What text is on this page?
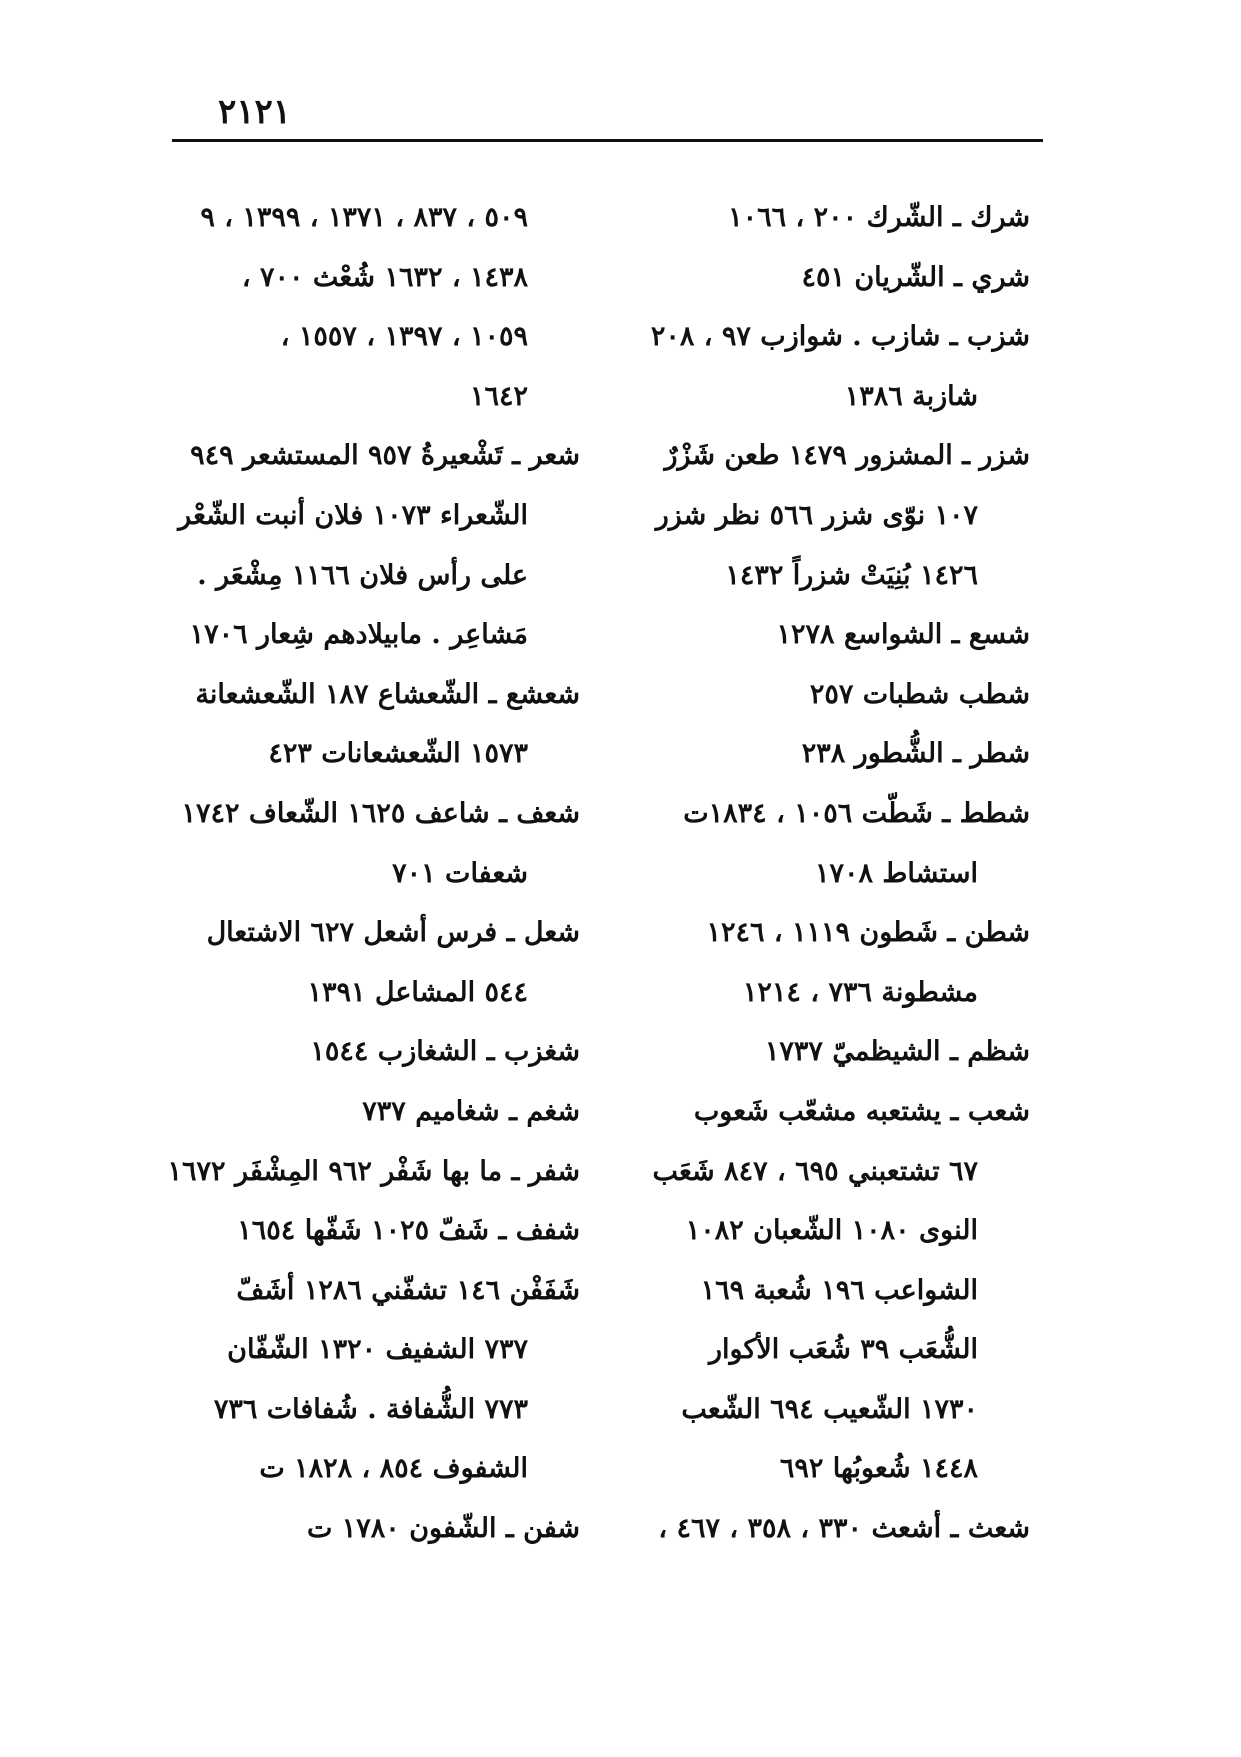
٢١٢١
شرك ـ الشّرك ٢٠٠ ، ١٠٦٦
شري ـ الشّريان ٤٥١
شزب ـ شازب . شوازب ٩٧ ، ٢٠٨
شازبة ١٣٨٦
شزر ـ المشزور ١٤٧٩ طعن شَزْرٌ
١٠٧ نوّى شزر ٥٦٦ نظر شزر
١٤٢٦ بُنِيَتْ شزراً ١٤٣٢
شسع ـ الشواسع ١٢٧٨
شطب شطبات ٢٥٧
شطر ـ الشُّطور ٢٣٨
شطط ـ شَطّت ١٠٥٦ ، ١٨٣٤ت
استشاط ١٧٠٨
شطن ـ شَطون ١١١٩ ، ١٢٤٦
مشطونة ٧٣٦ ، ١٢١٤
شظم ـ الشيظميّ ١٧٣٧
شعب ـ يشتعبه مشعّب شَعوب
٦٧ تشتعبني ٦٩٥ ، ٨٤٧ شَعَب
النوى ١٠٨٠ الشّعبان ١٠٨٢
الشواعب ١٩٦ شُعبة ١٦٩
الشُّعَب ٣٩ شُعَب الأكوار
١٧٣٠ الشّعيب ٦٩٤ الشّعب
١٤٤٨ شُعوبُها ٦٩٢
شعث ـ أشعث ٣٣٠ ، ٣٥٨ ، ٤٦٧ ،
٥٠٩ ، ٨٣٧ ، ١٣٧١ ، ١٣٩٩ ، ٩
١٤٣٨ ، ١٦٣٢ شُعْث ٧٠٠ ،
١٠٥٩ ، ١٣٩٧ ، ١٥٥٧ ،
١٦٤٢
شعر ـ تَشْعيرةُ ٩٥٧ المستشعر ٩٤٩
الشّعراء ١٠٧٣ فلان أنبت الشّعْر
على رأس فلان ١١٦٦ مِشْعَر .
مَشاعِر . مابيلادهم شِعار ١٧٠٦
شعشع ـ الشّعشاع ١٨٧ الشّعشعانة
١٥٧٣ الشّعشعانات ٤٢٣
شعف ـ شاعف ١٦٢٥ الشّعاف ١٧٤٢
شعفات ٧٠١
شعل ـ فرس أشعل ٦٢٧ الاشتعال
٥٤٤ المشاعل ١٣٩١
شغزب ـ الشغازب ١٥٤٤
شغم ـ شغاميم ٧٣٧
شفر ـ ما بها شَفْر ٩٦٢ المِشْفَر ١٦٧٢
شفف ـ شَفّ ١٠٢٥ شَفّها ١٦٥٤
شَفَفْن ١٤٦ تشفّني ١٢٨٦ أشَفّ
٧٣٧ الشفيف ١٣٢٠ الشّفّان
٧٧٣ الشُّفافة . شُفافات ٧٣٦
الشفوف ٨٥٤ ، ١٨٢٨ ت
شفن ـ الشّفون ١٧٨٠ ت
